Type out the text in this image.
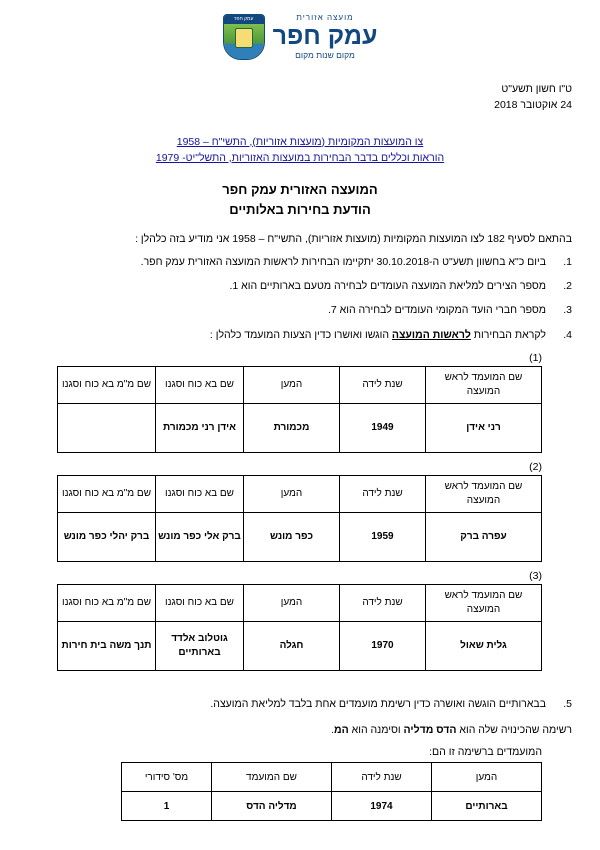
עמק חפר	מועצה אזורית
עמק חפר
מקום שנות מקום
ט"ו חשון תשע"ט
24 אוקטובר 2018
צו המועצות המקומיות (מועצות אזוריות), התשי"ח – 1958
הוראות וכללים בדבר הבחירות במועצות האזוריות, התשל"יט- 1979
המועצה האזורית עמק חפר
הודעת בחירות באלותיים
בהתאם לסעיף 182 לצו המועצות המקומיות (מועצות אזוריות), התשי"ח – 1958 אני מודיע בזה כלהלן :
1.
ביום כ"א בחשוון תשע"ט ה-30.10.2018 יתקיימו הבחירות לראשות המועצה האזורית עמק חפר.
2.
מספר הצירים למליאת המועצה העומדים לבחירה מטעם בארותיים הוא 1.
3.
מספר חברי הועד המקומי העומדים לבחירה הוא 7.
4.
לקראת הבחירות לראשות המועצה הוגשו ואושרו כדין הצעות המועמד כלהלן :
(1)
שם המועמד לראש המועצה	שנת לידה	המען	שם בא כוח וסגנו	שם מ"מ בא כוח וסגנו
רני אידן	1949	מכמורת	אידן רני מכמורת	
(2)
שם המועמד לראש המועצה	שנת לידה	המען	שם בא כוח וסגנו	שם מ"מ בא כוח וסגנו
עפרה ברק	1959	כפר מונש	ברק אלי כפר מונש	ברק יהלי כפר מונש
(3)
שם המועמד לראש המועצה	שנת לידה	המען	שם בא כוח וסגנו	שם מ"מ בא כוח וסגנו
גלית שאול	1970	חגלה	גוטלוב אלדד בארותיים	תנך משה בית חירות
5.
בבארותיים הוגשה ואושרה כדין רשימת מועמדים אחת בלבד למליאת המועצה.
רשימה שהכינויה שלה הוא הדס מדליה וסימנה הוא המ.
המועמדים ברשימה זו הם:
המען	שנת לידה	שם המועמד	מס' סידורי
בארותיים	1974	מדליה הדס	1
